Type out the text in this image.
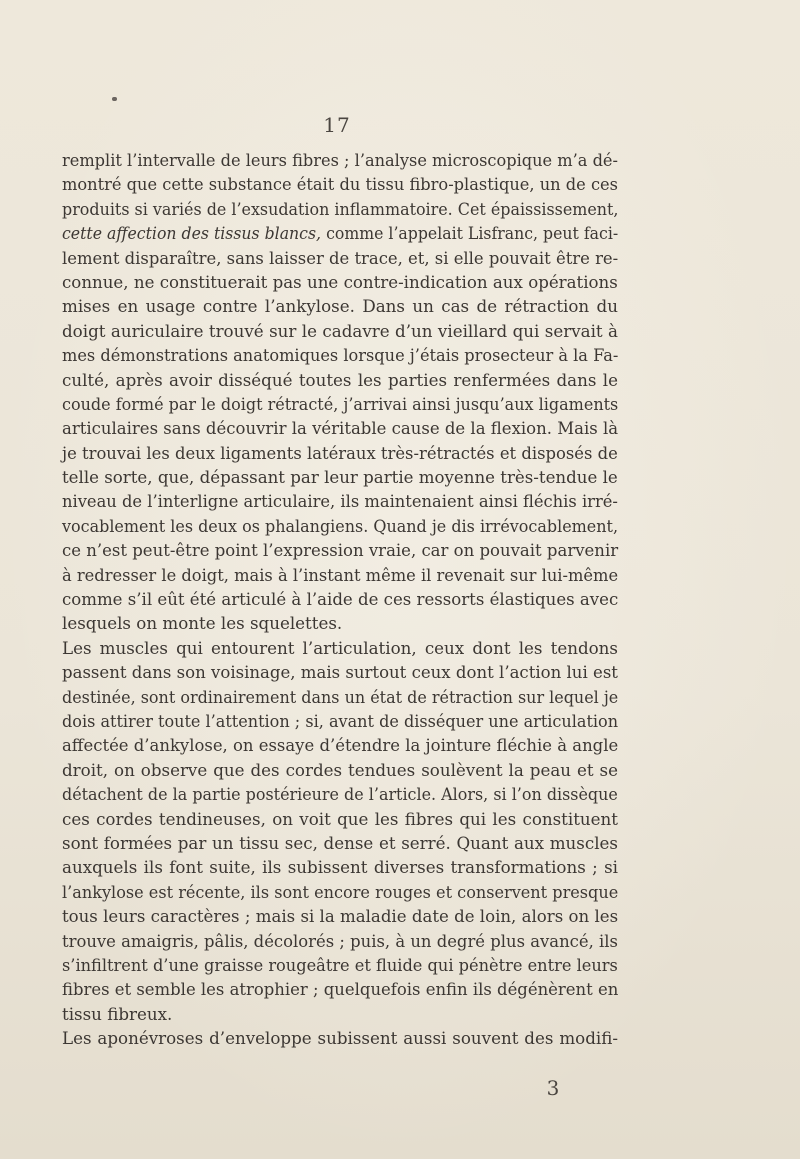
17
remplit l’intervalle de leurs fibres ; l’analyse microscopique m’a dé-
montré que cette substance était du tissu fibro-plastique, un de ces
produits si variés de l’exsudation inflammatoire. Cet épaississement,
cette affection des tissus blancs, comme l’appelait Lisfranc, peut faci-
lement disparaître, sans laisser de trace, et, si elle pouvait être re-
connue, ne constituerait pas une contre-indication aux opérations
mises en usage contre l’ankylose. Dans un cas de rétraction du
doigt auriculaire trouvé sur le cadavre d’un vieillard qui servait à
mes démonstrations anatomiques lorsque j’étais prosecteur à la Fa-
culté, après avoir disséqué toutes les parties renfermées dans le
coude formé par le doigt rétracté, j’arrivai ainsi jusqu’aux ligaments
articulaires sans découvrir la véritable cause de la flexion. Mais là
je trouvai les deux ligaments latéraux très-rétractés et disposés de
telle sorte, que, dépassant par leur partie moyenne très-tendue le
niveau de l’interligne articulaire, ils maintenaient ainsi fléchis irré-
vocablement les deux os phalangiens. Quand je dis irrévocablement,
ce n’est peut-être point l’expression vraie, car on pouvait parvenir
à redresser le doigt, mais à l’instant même il revenait sur lui-même
comme s’il eût été articulé à l’aide de ces ressorts élastiques avec
lesquels on monte les squelettes.
Les muscles qui entourent l’articulation, ceux dont les tendons
passent dans son voisinage, mais surtout ceux dont l’action lui est
destinée, sont ordinairement dans un état de rétraction sur lequel je
dois attirer toute l’attention ; si, avant de disséquer une articulation
affectée d’ankylose, on essaye d’étendre la jointure fléchie à angle
droit, on observe que des cordes tendues soulèvent la peau et se
détachent de la partie postérieure de l’article. Alors, si l’on dissèque
ces cordes tendineuses, on voit que les fibres qui les constituent
sont formées par un tissu sec, dense et serré. Quant aux muscles
auxquels ils font suite, ils subissent diverses transformations ; si
l’ankylose est récente, ils sont encore rouges et conservent presque
tous leurs caractères ; mais si la maladie date de loin, alors on les
trouve amaigris, pâlis, décolorés ; puis, à un degré plus avancé, ils
s’infiltrent d’une graisse rougeâtre et fluide qui pénètre entre leurs
fibres et semble les atrophier ; quelquefois enfin ils dégénèrent en
tissu fibreux.
Les aponévroses d’enveloppe subissent aussi souvent des modifi-
3
